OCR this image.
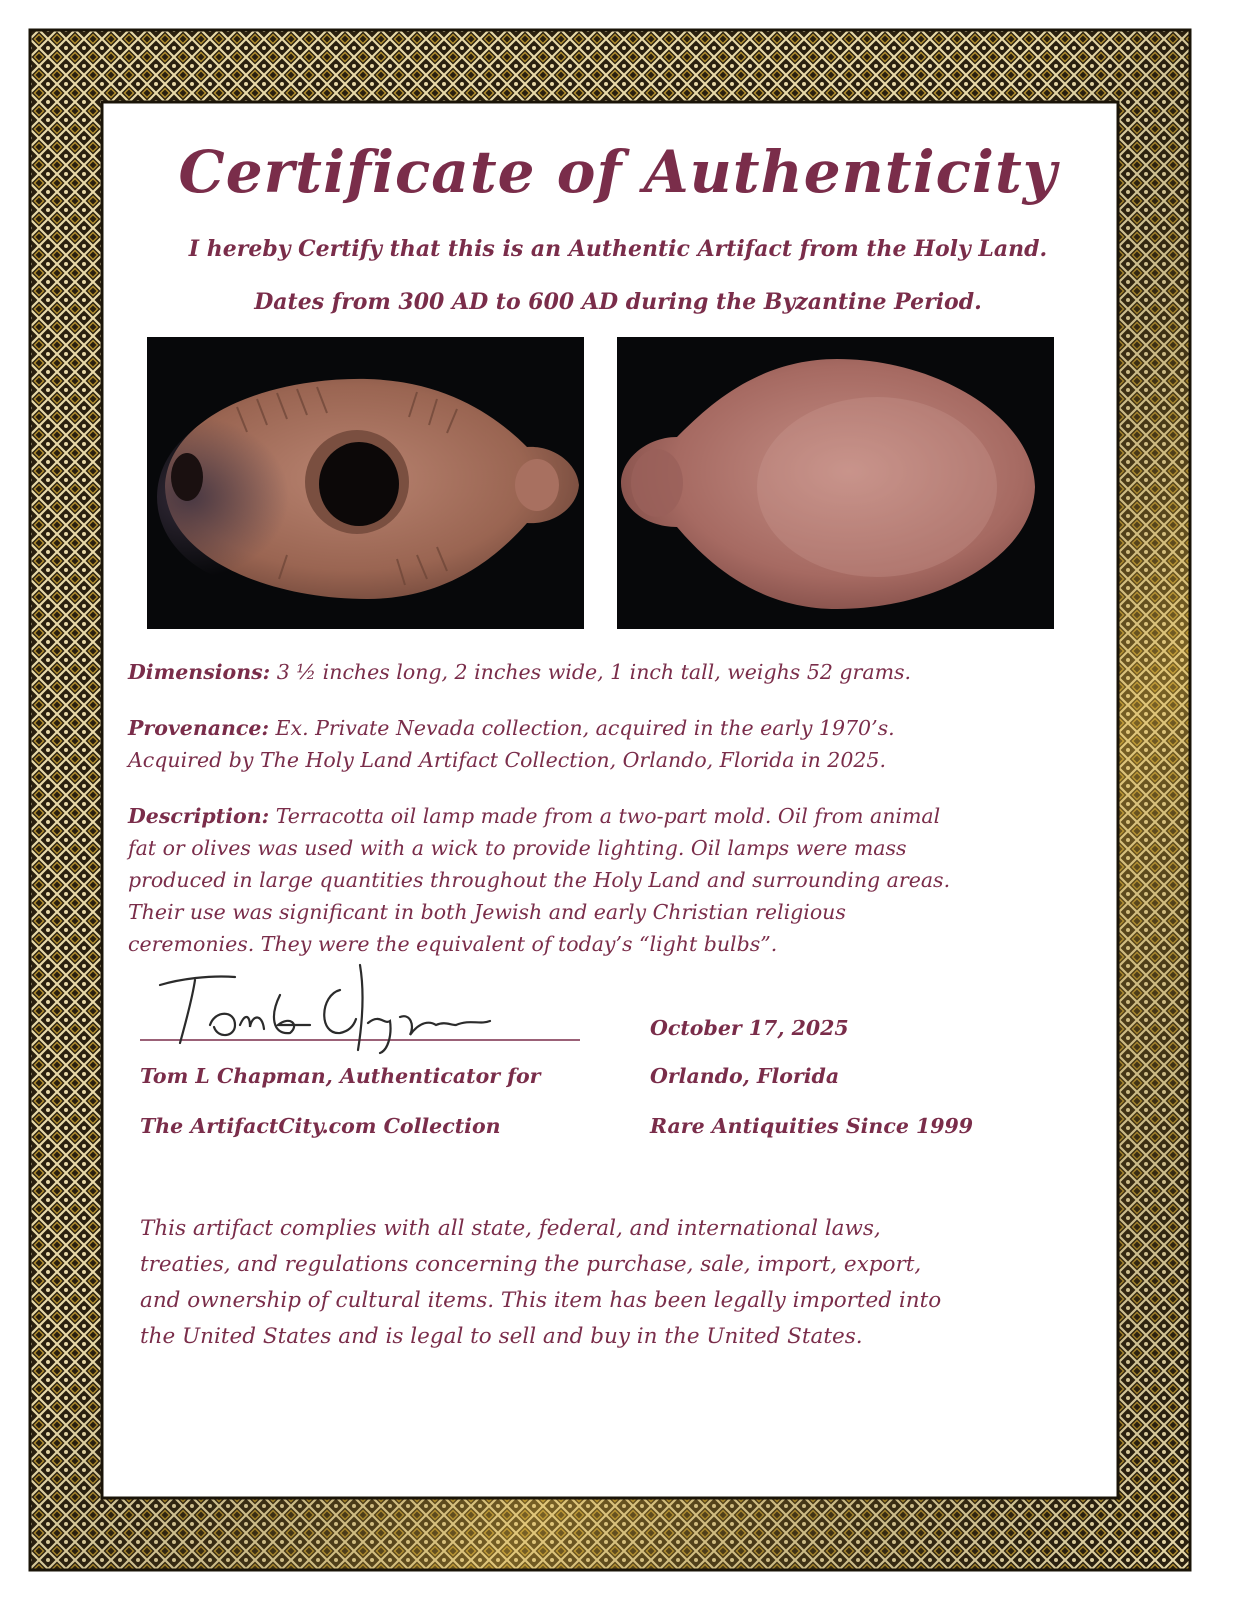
Certificate of Authenticity

I hereby Certify that this is an Authentic Artifact from the Holy Land.

Dates from 300 AD to 600 AD during the Byzantine Period.

Dimensions: 3 ½ inches long, 2 inches wide, 1 inch tall, weighs 52 grams.

Provenance: Ex. Private Nevada collection, acquired in the early 1970’s.
Acquired by The Holy Land Artifact Collection, Orlando, Florida in 2025.

Description: Terracotta oil lamp made from a two-part mold. Oil from animal
fat or olives was used with a wick to provide lighting. Oil lamps were mass
produced in large quantities throughout the Holy Land and surrounding areas.
Their use was significant in both Jewish and early Christian religious
ceremonies. They were the equivalent of today’s “light bulbs”.

Tom L Chapman, Authenticator for

The ArtifactCity.com Collection

October 17, 2025

Orlando, Florida

Rare Antiquities Since 1999

This artifact complies with all state, federal, and international laws,
treaties, and regulations concerning the purchase, sale, import, export,
and ownership of cultural items. This item has been legally imported into
the United States and is legal to sell and buy in the United States.
